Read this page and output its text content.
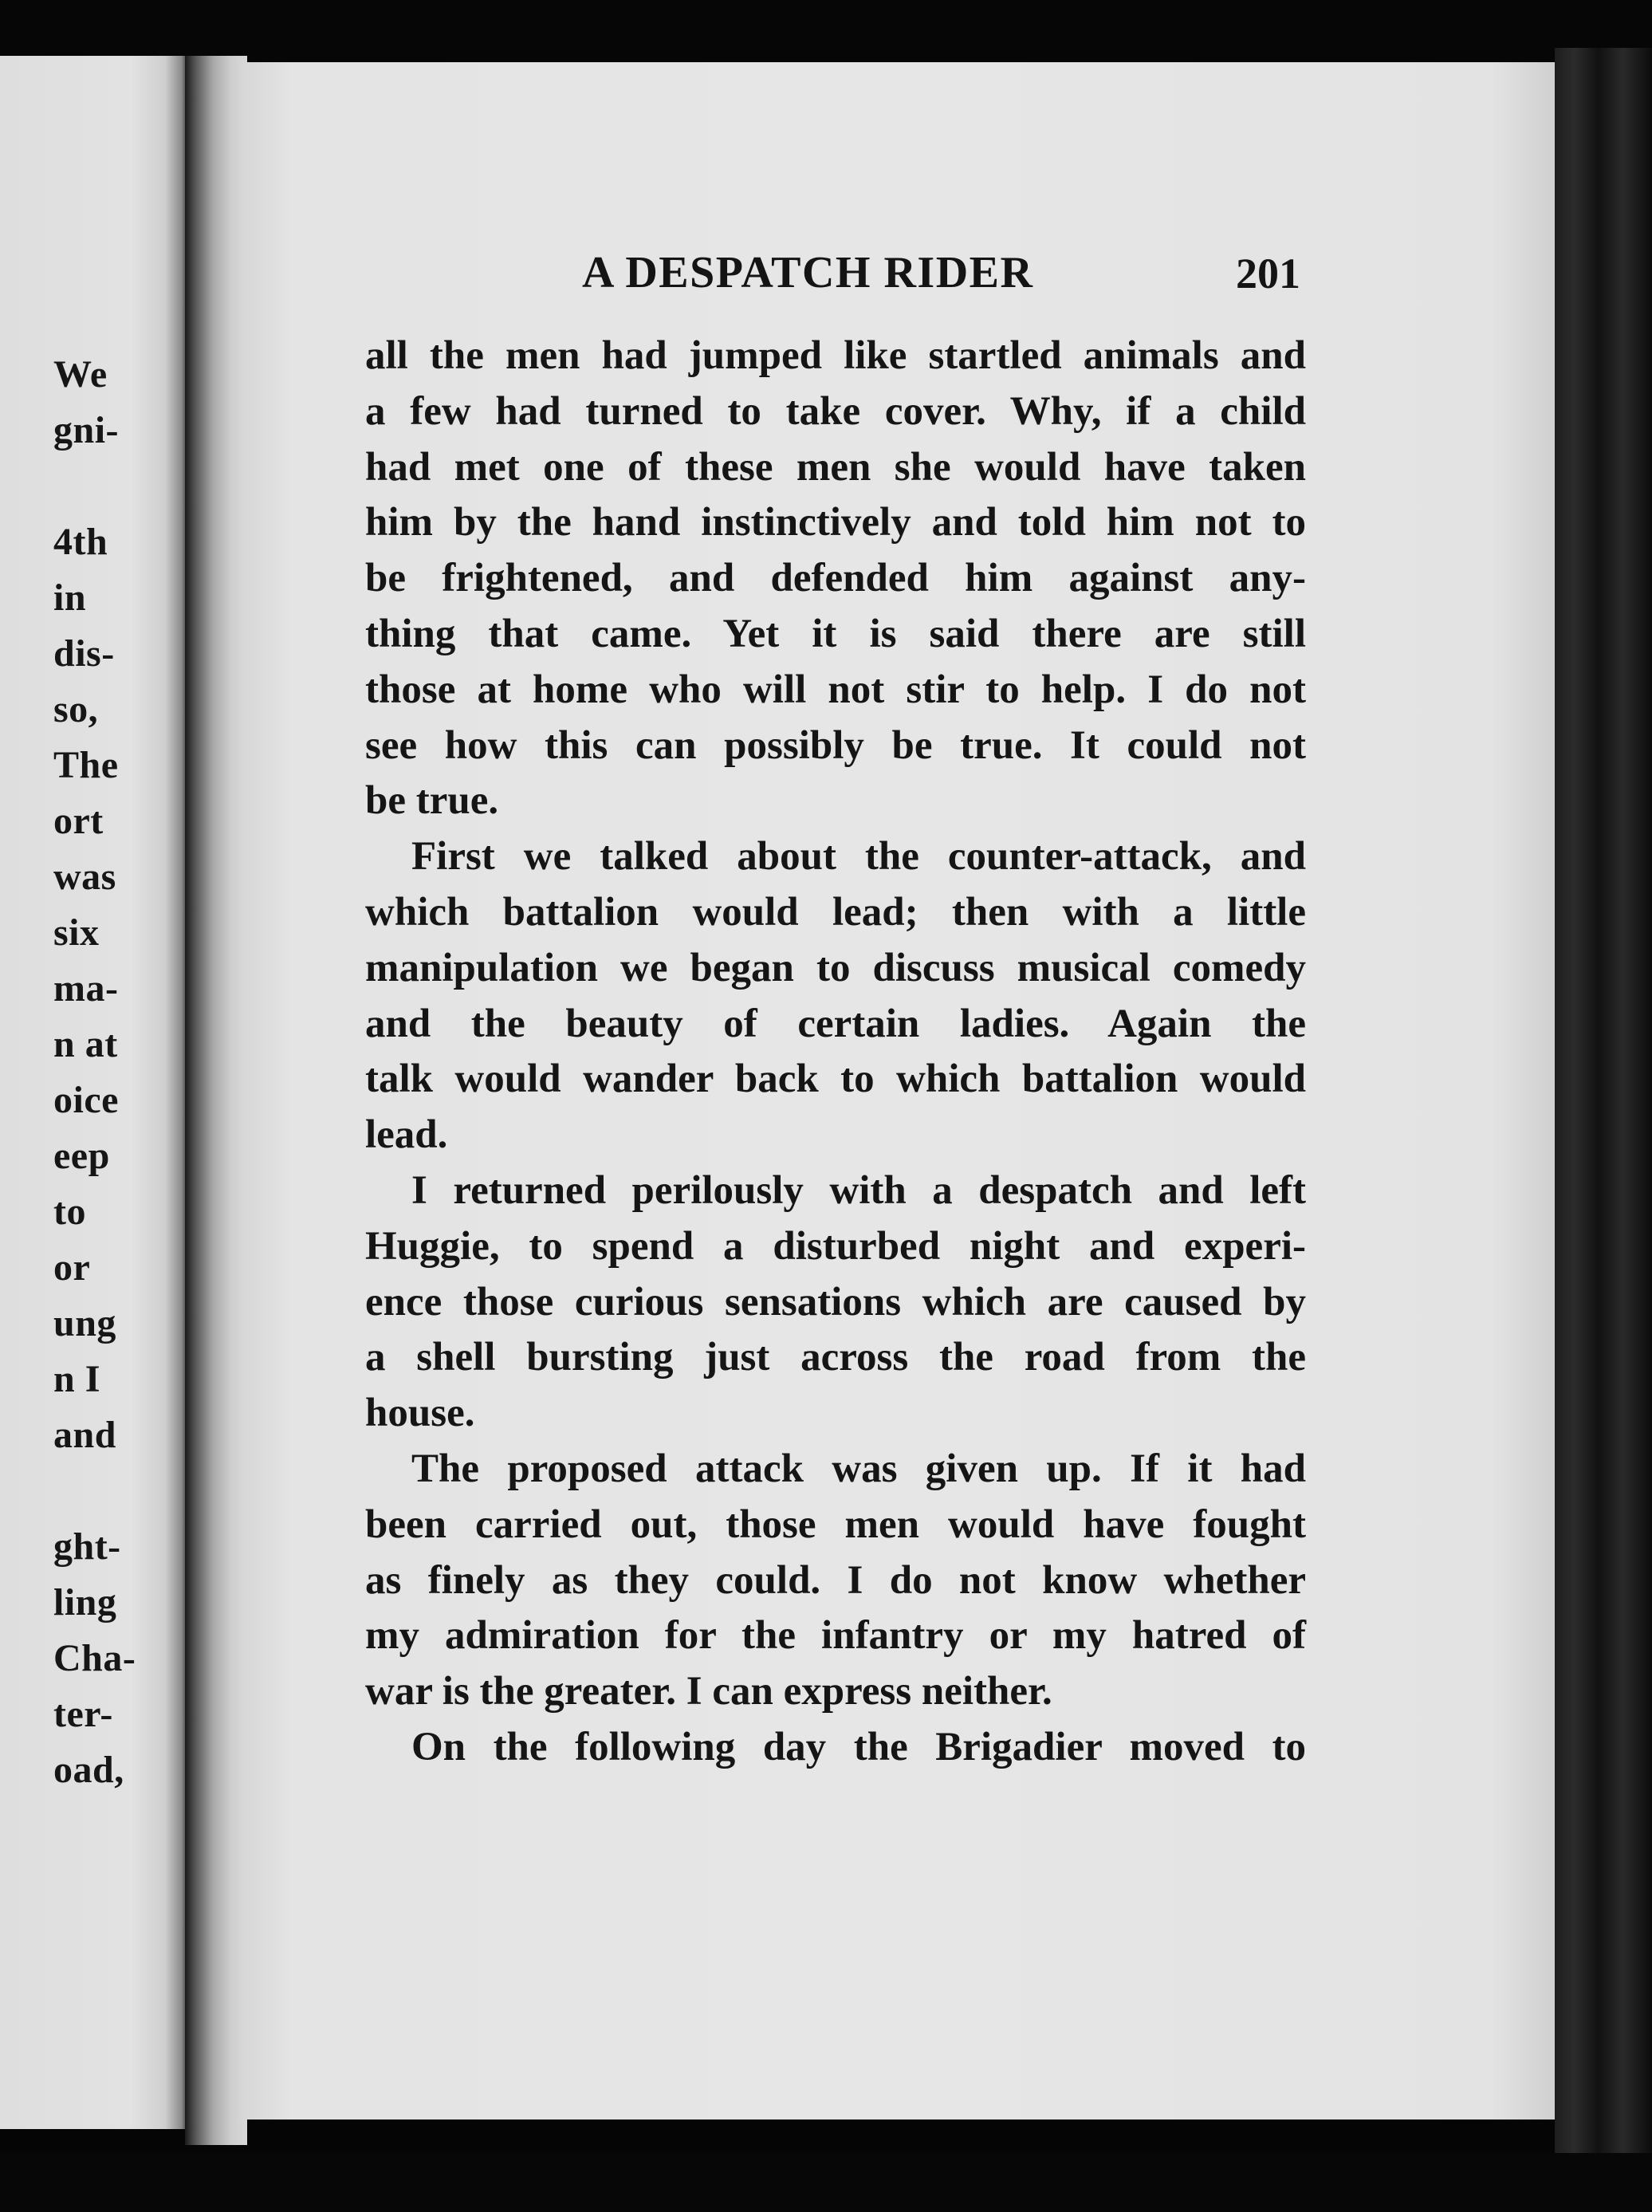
We
gni-
4th
in
dis-
so,
The
ort
was
six
ma-
n at
oice
eep
to
or
ung
n I
and
ght-
ling
Cha-
ter-
oad,
A DESPATCH RIDER	201
all the men had jumped like startled animals and
a few had turned to take cover. Why, if a child
had met one of these men she would have taken
him by the hand instinctively and told him not to
be frightened, and defended him against any-
thing that came. Yet it is said there are still
those at home who will not stir to help. I do not
see how this can possibly be true. It could not
be true.
First we talked about the counter-attack, and
which battalion would lead; then with a little
manipulation we began to discuss musical comedy
and the beauty of certain ladies. Again the
talk would wander back to which battalion would
lead.
I returned perilously with a despatch and left
Huggie, to spend a disturbed night and experi-
ence those curious sensations which are caused by
a shell bursting just across the road from the
house.
The proposed attack was given up. If it had
been carried out, those men would have fought
as finely as they could. I do not know whether
my admiration for the infantry or my hatred of
war is the greater. I can express neither.
On the following day the Brigadier moved to
